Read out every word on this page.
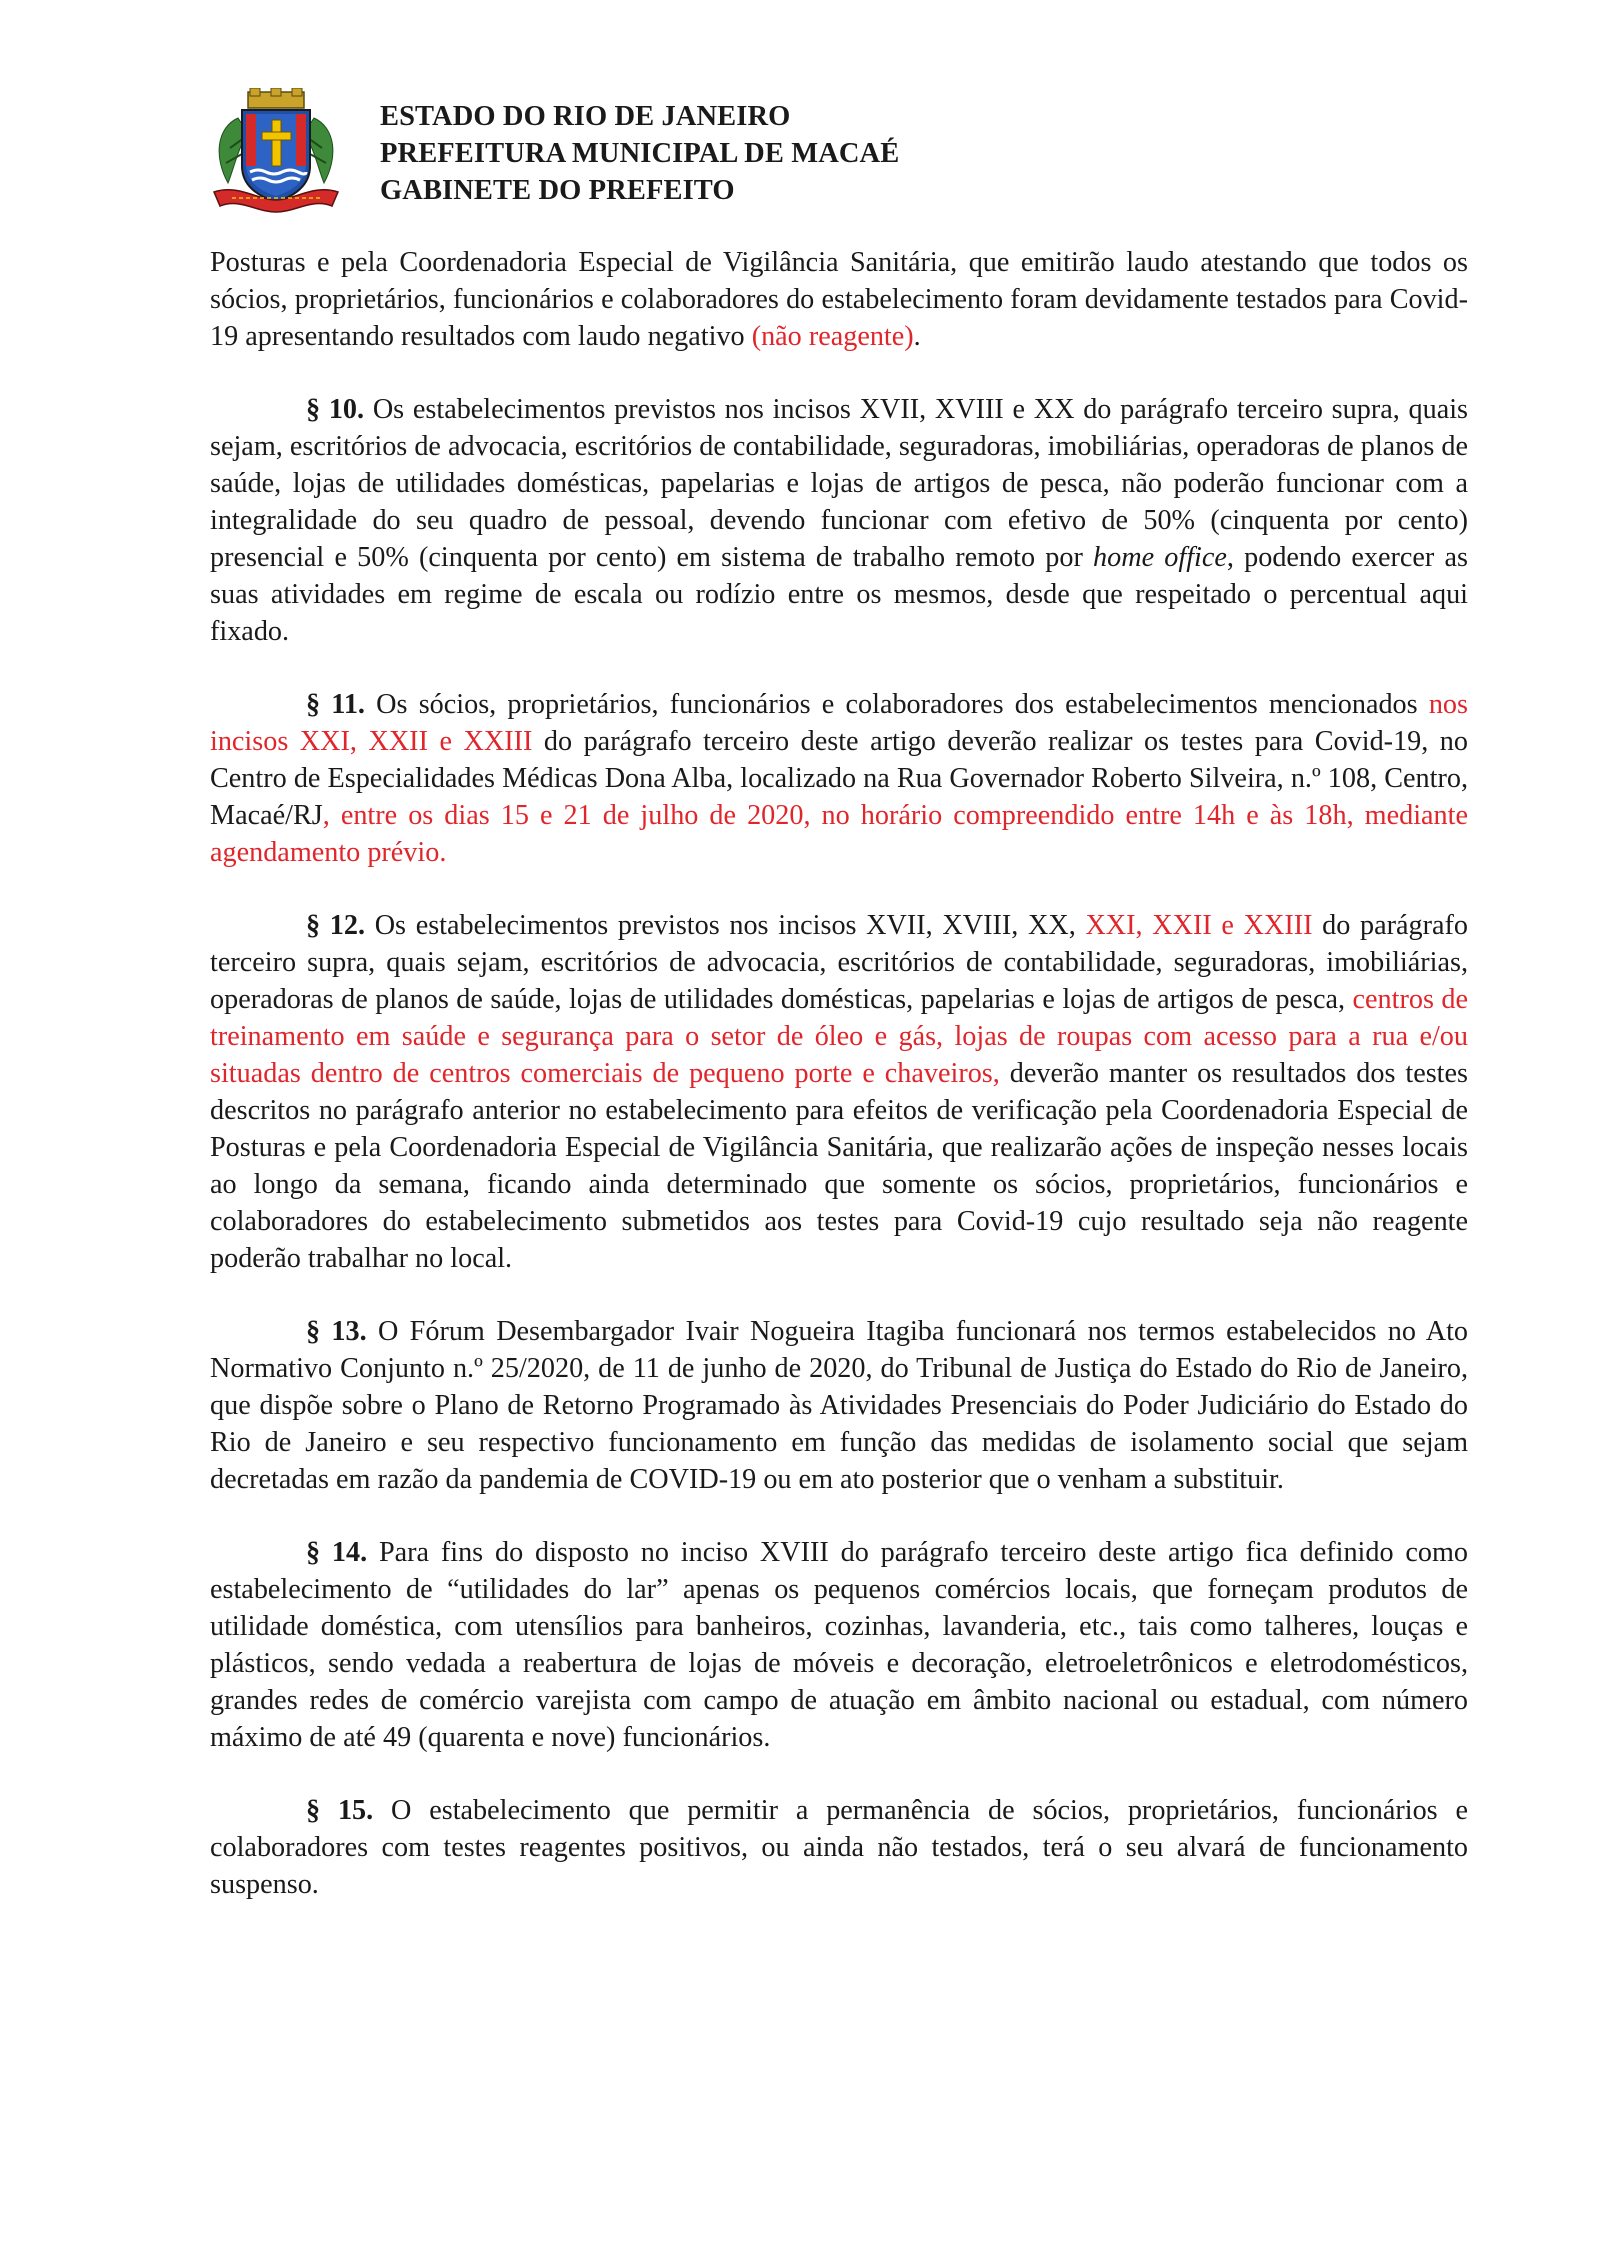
ESTADO DO RIO DE JANEIRO
PREFEITURA MUNICIPAL DE MACAÉ
GABINETE DO PREFEITO

Posturas e pela Coordenadoria Especial de Vigilância Sanitária, que emitirão laudo atestando que todos os sócios, proprietários, funcionários e colaboradores do estabelecimento foram devidamente testados para Covid-19 apresentando resultados com laudo negativo (não reagente).

§ 10. Os estabelecimentos previstos nos incisos XVII, XVIII e XX do parágrafo terceiro supra, quais sejam, escritórios de advocacia, escritórios de contabilidade, seguradoras, imobiliárias, operadoras de planos de saúde, lojas de utilidades domésticas, papelarias e lojas de artigos de pesca, não poderão funcionar com a integralidade do seu quadro de pessoal, devendo funcionar com efetivo de 50% (cinquenta por cento) presencial e 50% (cinquenta por cento) em sistema de trabalho remoto por home office, podendo exercer as suas atividades em regime de escala ou rodízio entre os mesmos, desde que respeitado o percentual aqui fixado.

§ 11. Os sócios, proprietários, funcionários e colaboradores dos estabelecimentos mencionados nos incisos XXI, XXII e XXIII do parágrafo terceiro deste artigo deverão realizar os testes para Covid-19, no Centro de Especialidades Médicas Dona Alba, localizado na Rua Governador Roberto Silveira, n.º 108, Centro, Macaé/RJ, entre os dias 15 e 21 de julho de 2020, no horário compreendido entre 14h e às 18h, mediante agendamento prévio.

§ 12. Os estabelecimentos previstos nos incisos XVII, XVIII, XX, XXI, XXII e XXIII do parágrafo terceiro supra, quais sejam, escritórios de advocacia, escritórios de contabilidade, seguradoras, imobiliárias, operadoras de planos de saúde, lojas de utilidades domésticas, papelarias e lojas de artigos de pesca, centros de treinamento em saúde e segurança para o setor de óleo e gás, lojas de roupas com acesso para a rua e/ou situadas dentro de centros comerciais de pequeno porte e chaveiros, deverão manter os resultados dos testes descritos no parágrafo anterior no estabelecimento para efeitos de verificação pela Coordenadoria Especial de Posturas e pela Coordenadoria Especial de Vigilância Sanitária, que realizarão ações de inspeção nesses locais ao longo da semana, ficando ainda determinado que somente os sócios, proprietários, funcionários e colaboradores do estabelecimento submetidos aos testes para Covid-19 cujo resultado seja não reagente poderão trabalhar no local.

§ 13. O Fórum Desembargador Ivair Nogueira Itagiba funcionará nos termos estabelecidos no Ato Normativo Conjunto n.º 25/2020, de 11 de junho de 2020, do Tribunal de Justiça do Estado do Rio de Janeiro, que dispõe sobre o Plano de Retorno Programado às Atividades Presenciais do Poder Judiciário do Estado do Rio de Janeiro e seu respectivo funcionamento em função das medidas de isolamento social que sejam decretadas em razão da pandemia de COVID-19 ou em ato posterior que o venham a substituir.

§ 14. Para fins do disposto no inciso XVIII do parágrafo terceiro deste artigo fica definido como estabelecimento de “utilidades do lar” apenas os pequenos comércios locais, que forneçam produtos de utilidade doméstica, com utensílios para banheiros, cozinhas, lavanderia, etc., tais como talheres, louças e plásticos, sendo vedada a reabertura de lojas de móveis e decoração, eletroeletrônicos e eletrodomésticos, grandes redes de comércio varejista com campo de atuação em âmbito nacional ou estadual, com número máximo de até 49 (quarenta e nove) funcionários.

§ 15. O estabelecimento que permitir a permanência de sócios, proprietários, funcionários e colaboradores com testes reagentes positivos, ou ainda não testados, terá o seu alvará de funcionamento suspenso.
